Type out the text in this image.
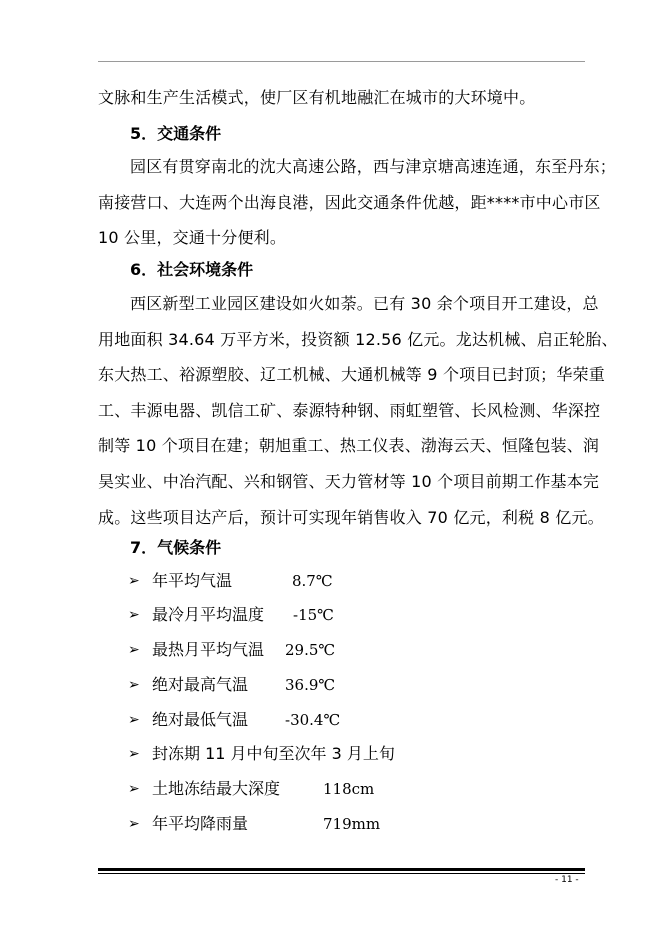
文脉和生产生活模式，使厂区有机地融汇在城市的大环境中。
5．交通条件
园区有贯穿南北的沈大高速公路，西与津京塘高速连通，东至丹东；
南接营口、大连两个出海良港，因此交通条件优越，距****市中心市区
10 公里，交通十分便利。
6．社会环境条件
西区新型工业园区建设如火如荼。已有 30 余个项目开工建设，总
用地面积 34.64 万平方米，投资额 12.56 亿元。龙达机械、启正轮胎、
东大热工、裕源塑胶、辽工机械、大通机械等 9 个项目已封顶；华荣重
工、丰源电器、凯信工矿、泰源特种钢、雨虹塑管、长风检测、华深控
制等 10 个项目在建；朝旭重工、热工仪表、渤海云天、恒隆包装、润
昊实业、中冶汽配、兴和钢管、天力管材等 10 个项目前期工作基本完
成。这些项目达产后，预计可实现年销售收入 70 亿元，利税 8 亿元。
7．气候条件
➢ 年平均气温	8.7℃
➢ 最冷月平均温度 -15℃
➢ 最热月平均气温 29.5℃
➢ 绝对最高气温 36.9℃
➢ 绝对最低气温 -30.4℃
➢ 封冻期 11 月中旬至次年 3 月上旬
➢ 土地冻结最大深度	118cm
➢ 年平均降雨量	719mm
- 11 -
